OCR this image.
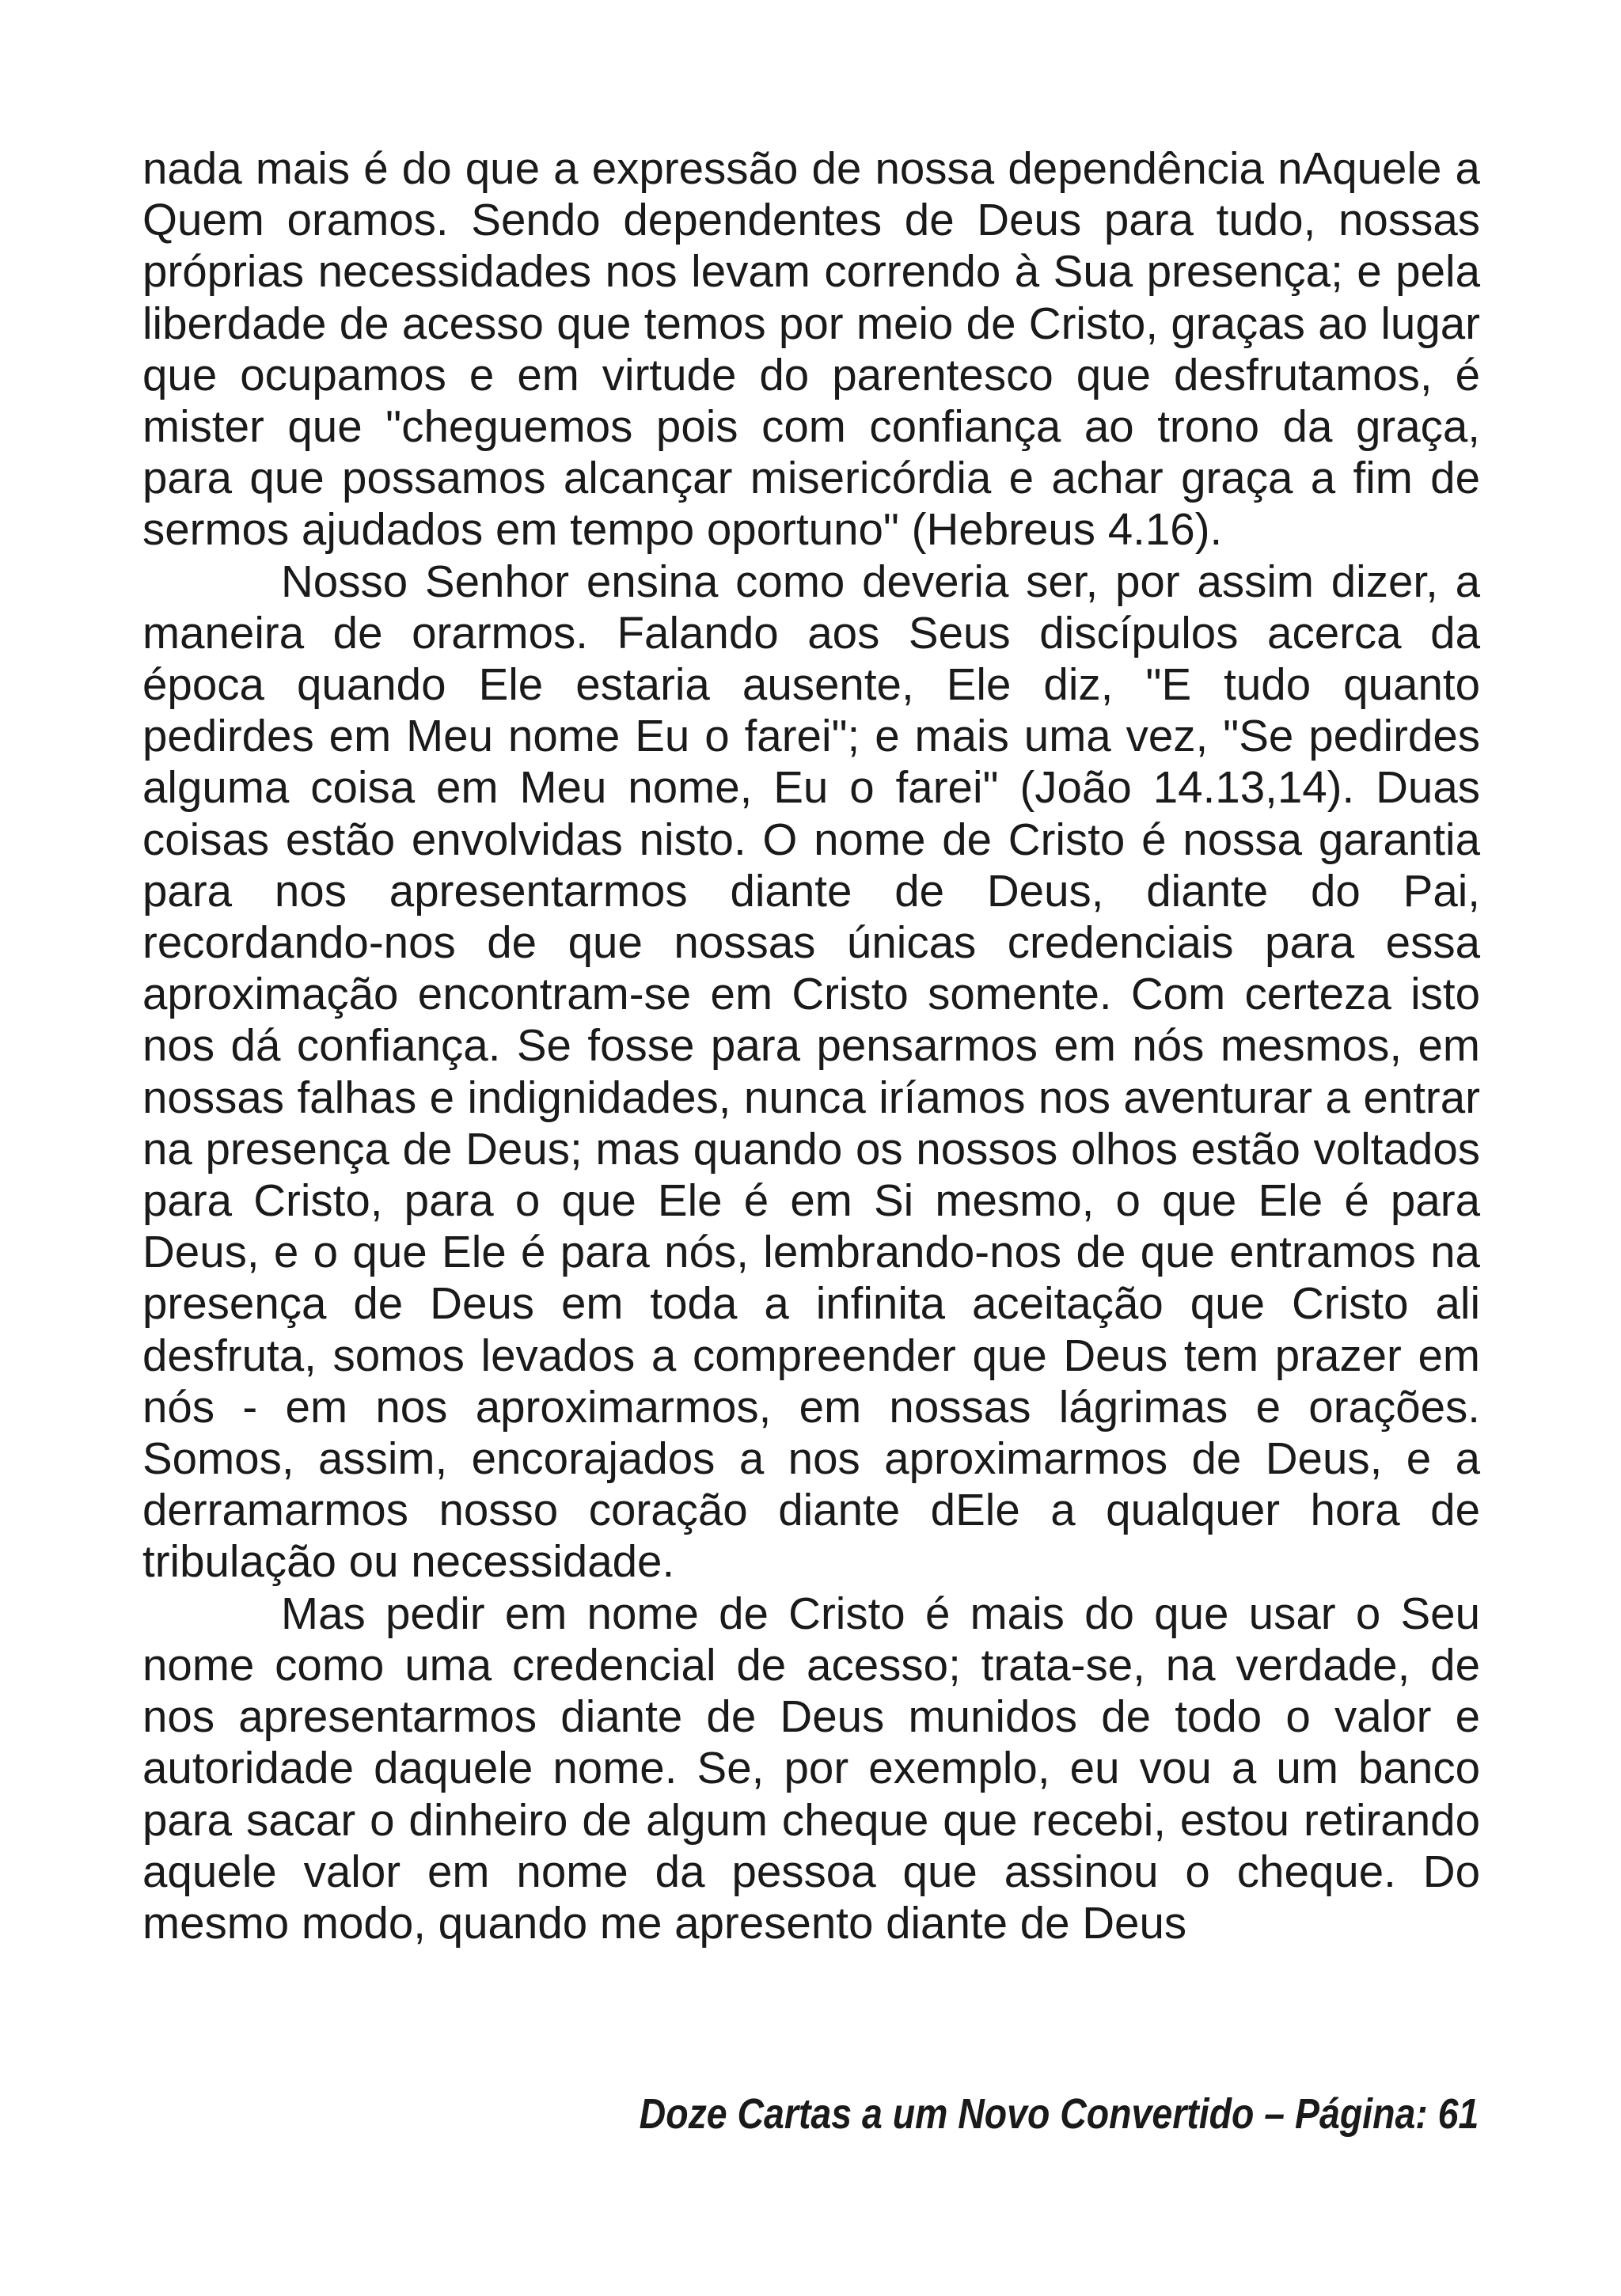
nada mais é do que a expressão de nossa dependência nAquele a Quem oramos. Sendo dependentes de Deus para tudo, nossas próprias necessidades nos levam correndo à Sua presença; e pela liberdade de acesso que temos por meio de Cristo, graças ao lugar que ocupamos e em virtude do parentesco que desfrutamos, é mister que "cheguemos pois com confiança ao trono da graça, para que possamos alcançar misericórdia e achar graça a fim de sermos ajudados em tempo oportuno" (Hebreus 4.16).

Nosso Senhor ensina como deveria ser, por assim dizer, a maneira de orarmos. Falando aos Seus discípulos acerca da época quando Ele estaria ausente, Ele diz, "E tudo quanto pedirdes em Meu nome Eu o farei"; e mais uma vez, "Se pedirdes alguma coisa em Meu nome, Eu o farei" (João 14.13,14). Duas coisas estão envolvidas nisto. O nome de Cristo é nossa garantia para nos apresentarmos diante de Deus, diante do Pai, recordando-nos de que nossas únicas credenciais para essa aproximação encontram-se em Cristo somente. Com certeza isto nos dá confiança. Se fosse para pensarmos em nós mesmos, em nossas falhas e indignidades, nunca iríamos nos aventurar a entrar na presença de Deus; mas quando os nossos olhos estão voltados para Cristo, para o que Ele é em Si mesmo, o que Ele é para Deus, e o que Ele é para nós, lembrando-nos de que entramos na presença de Deus em toda a infinita aceitação que Cristo ali desfruta, somos levados a compreender que Deus tem prazer em nós - em nos aproximarmos, em nossas lágrimas e orações. Somos, assim, encorajados a nos aproximarmos de Deus, e a derramarmos nosso coração diante dEle a qualquer hora de tribulação ou necessidade.

Mas pedir em nome de Cristo é mais do que usar o Seu nome como uma credencial de acesso; trata-se, na verdade, de nos apresentarmos diante de Deus munidos de todo o valor e autoridade daquele nome. Se, por exemplo, eu vou a um banco para sacar o dinheiro de algum cheque que recebi, estou retirando aquele valor em nome da pessoa que assinou o cheque. Do mesmo modo, quando me apresento diante de Deus

Doze Cartas a um Novo Convertido – Página: 61
